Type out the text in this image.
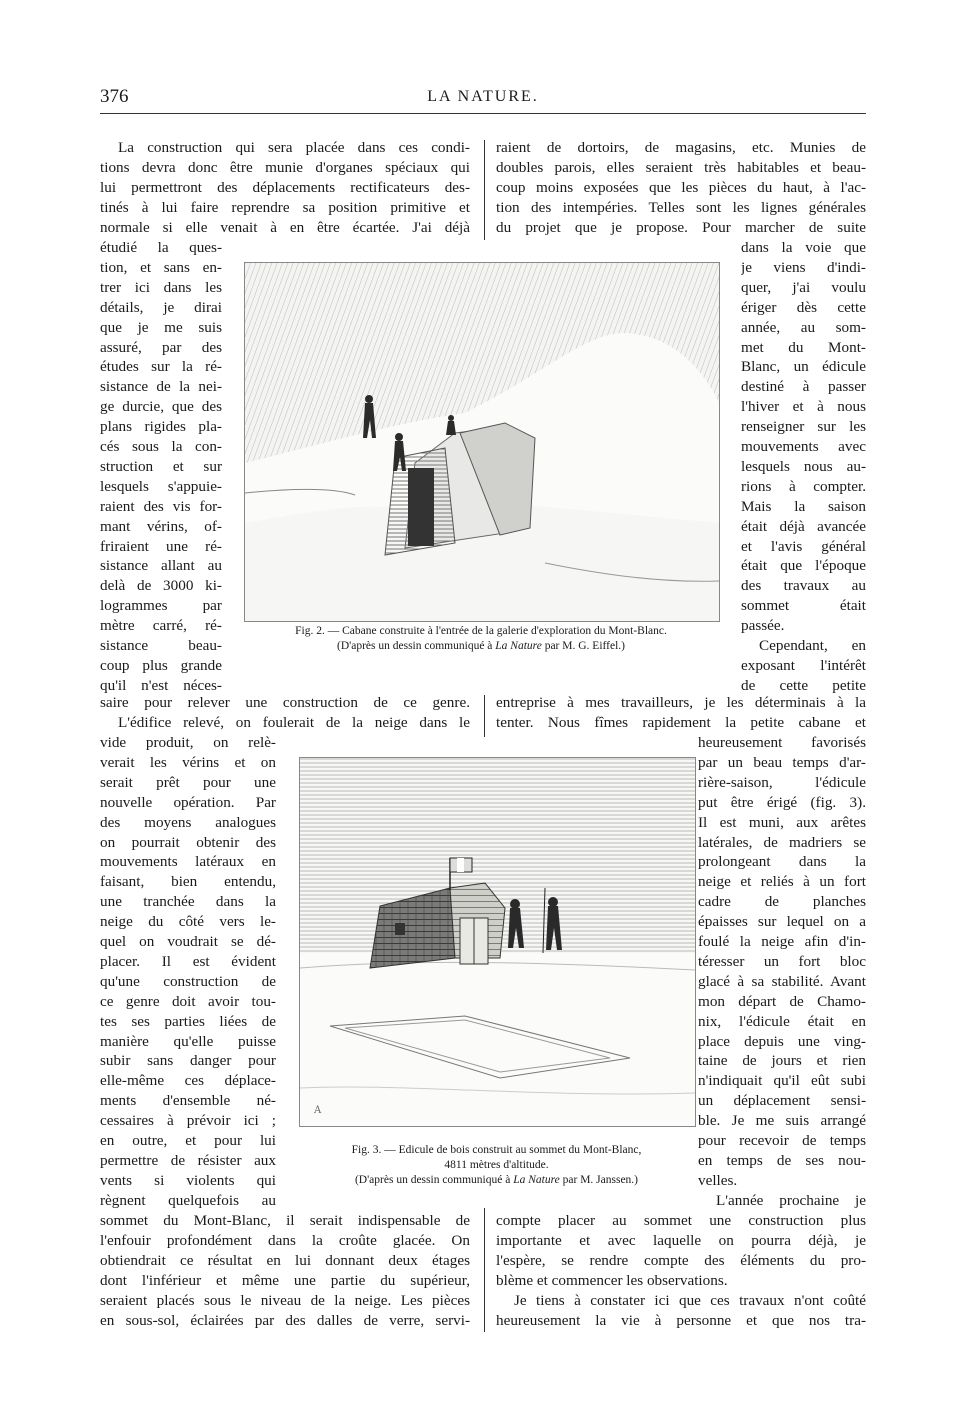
376	LA NATURE.
La construction qui sera placée dans ces condi-
tions devra donc être munie d'organes spéciaux qui
lui permettront des déplacements rectificateurs des-
tinés à lui faire reprendre sa position primitive et
normale si elle venait à en être écartée. J'ai déjà
raient de dortoirs, de magasins, etc. Munies de
doubles parois, elles seraient très habitables et beau-
coup moins exposées que les pièces du haut, à l'ac-
tion des intempéries. Telles sont les lignes générales
du projet que je propose. Pour marcher de suite
étudié la ques-
tion, et sans en-
trer ici dans les
détails, je dirai
que je me suis
assuré, par des
études sur la ré-
sistance de la nei-
ge durcie, que des
plans rigides pla-
cés sous la con-
struction et sur
lesquels s'appuie-
raient des vis for-
mant vérins, of-
friraient une ré-
sistance allant au
delà de 3000 ki-
logrammes par
mètre carré, ré-
sistance beau-
coup plus grande
qu'il n'est néces-
dans la voie que
je viens d'indi-
quer, j'ai voulu
ériger dès cette
année, au som-
met du Mont-
Blanc, un édicule
destiné à passer
l'hiver et à nous
renseigner sur les
mouvements avec
lesquels nous au-
rions à compter.
Mais la saison
était déjà avancée
et l'avis général
était que l'époque
des travaux au
sommet était
passée.
Cependant, en
exposant l'intérêt
de cette petite
saire pour relever une construction de ce genre.
L'édifice relevé, on foulerait de la neige dans le
entreprise à mes travailleurs, je les déterminais à la
tenter. Nous fîmes rapidement la petite cabane et
vide produit, on relè-
verait les vérins et on
serait prêt pour une
nouvelle opération. Par
des moyens analogues
on pourrait obtenir des
mouvements latéraux en
faisant, bien entendu,
une tranchée dans la
neige du côté vers le-
quel on voudrait se dé-
placer. Il est évident
qu'une construction de
ce genre doit avoir tou-
tes ses parties liées de
manière qu'elle puisse
subir sans danger pour
elle-même ces déplace-
ments d'ensemble né-
cessaires à prévoir ici ;
en outre, et pour lui
permettre de résister aux
vents si violents qui
règnent quelquefois au
heureusement favorisés
par un beau temps d'ar-
rière-saison, l'édicule
put être érigé (fig. 3).
Il est muni, aux arêtes
latérales, de madriers se
prolongeant dans la
neige et reliés à un fort
cadre de planches
épaisses sur lequel on a
foulé la neige afin d'in-
téresser un fort bloc
glacé à sa stabilité. Avant
mon départ de Chamo-
nix, l'édicule était en
place depuis une ving-
taine de jours et rien
n'indiquait qu'il eût subi
un déplacement sensi-
ble. Je me suis arrangé
pour recevoir de temps
en temps de ses nou-
velles.
L'année prochaine je
sommet du Mont-Blanc, il serait indispensable de
l'enfouir profondément dans la croûte glacée. On
obtiendrait ce résultat en lui donnant deux étages
dont l'inférieur et même une partie du supérieur,
seraient placés sous le niveau de la neige. Les pièces
en sous-sol, éclairées par des dalles de verre, servi-
compte placer au sommet une construction plus
importante et avec laquelle on pourra déjà, je
l'espère, se rendre compte des éléments du pro-
blème et commencer les observations.
Je tiens à constater ici que ces travaux n'ont coûté
heureusement la vie à personne et que nos tra-
Fig. 2. — Cabane construite à l'entrée de la galerie d'exploration du Mont-Blanc.
(D'après un dessin communiqué à La Nature par M. G. Eiffel.)
A
Fig. 3. — Edicule de bois construit au sommet du Mont-Blanc,
4811 mètres d'altitude.
(D'après un dessin communiqué à La Nature par M. Janssen.)
